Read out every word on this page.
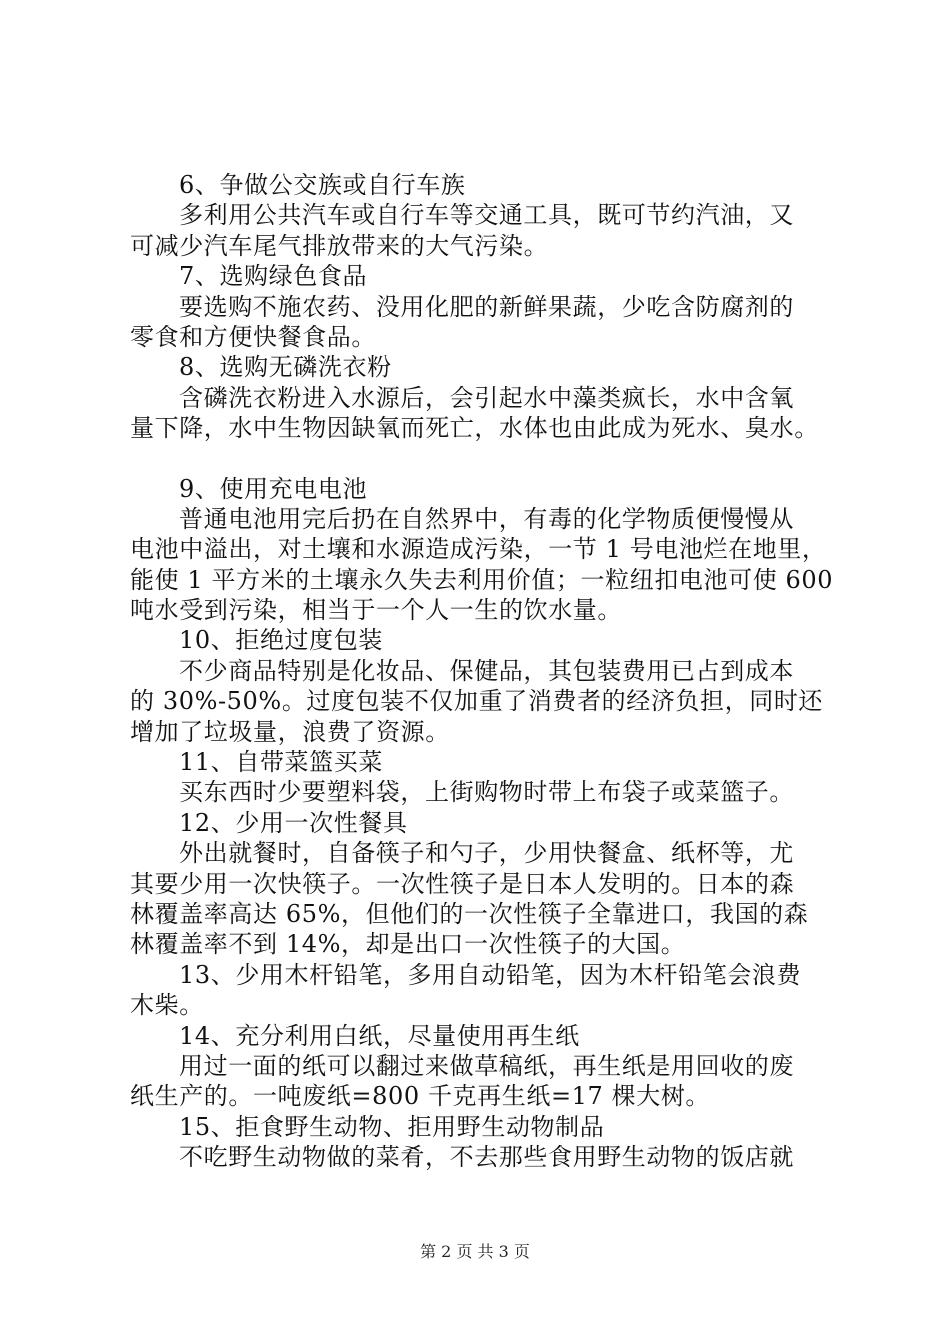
6、争做公交族或自行车族
多利用公共汽车或自行车等交通工具，既可节约汽油，又
可减少汽车尾气排放带来的大气污染。
7、选购绿色食品
要选购不施农药、没用化肥的新鲜果蔬，少吃含防腐剂的
零食和方便快餐食品。
8、选购无磷洗衣粉
含磷洗衣粉进入水源后，会引起水中藻类疯长，水中含氧
量下降，水中生物因缺氧而死亡，水体也由此成为死水、臭水。
9、使用充电电池
普通电池用完后扔在自然界中，有毒的化学物质便慢慢从
电池中溢出，对土壤和水源造成污染，一节 1 号电池烂在地里，
能使 1 平方米的土壤永久失去利用价值；一粒纽扣电池可使 600
吨水受到污染，相当于一个人一生的饮水量。
10、拒绝过度包装
不少商品特别是化妆品、保健品，其包装费用已占到成本
的 30%-50%。过度包装不仅加重了消费者的经济负担，同时还
增加了垃圾量，浪费了资源。
11、自带菜篮买菜
买东西时少要塑料袋，上街购物时带上布袋子或菜篮子。
12、少用一次性餐具
外出就餐时，自备筷子和勺子，少用快餐盒、纸杯等，尤
其要少用一次快筷子。一次性筷子是日本人发明的。日本的森
林覆盖率高达 65%，但他们的一次性筷子全靠进口，我国的森
林覆盖率不到 14%，却是出口一次性筷子的大国。
13、少用木杆铅笔，多用自动铅笔，因为木杆铅笔会浪费
木柴。
14、充分利用白纸，尽量使用再生纸
用过一面的纸可以翻过来做草稿纸，再生纸是用回收的废
纸生产的。一吨废纸=800 千克再生纸=17 棵大树。
15、拒食野生动物、拒用野生动物制品
不吃野生动物做的菜肴，不去那些食用野生动物的饭店就
第 2 页 共 3 页
